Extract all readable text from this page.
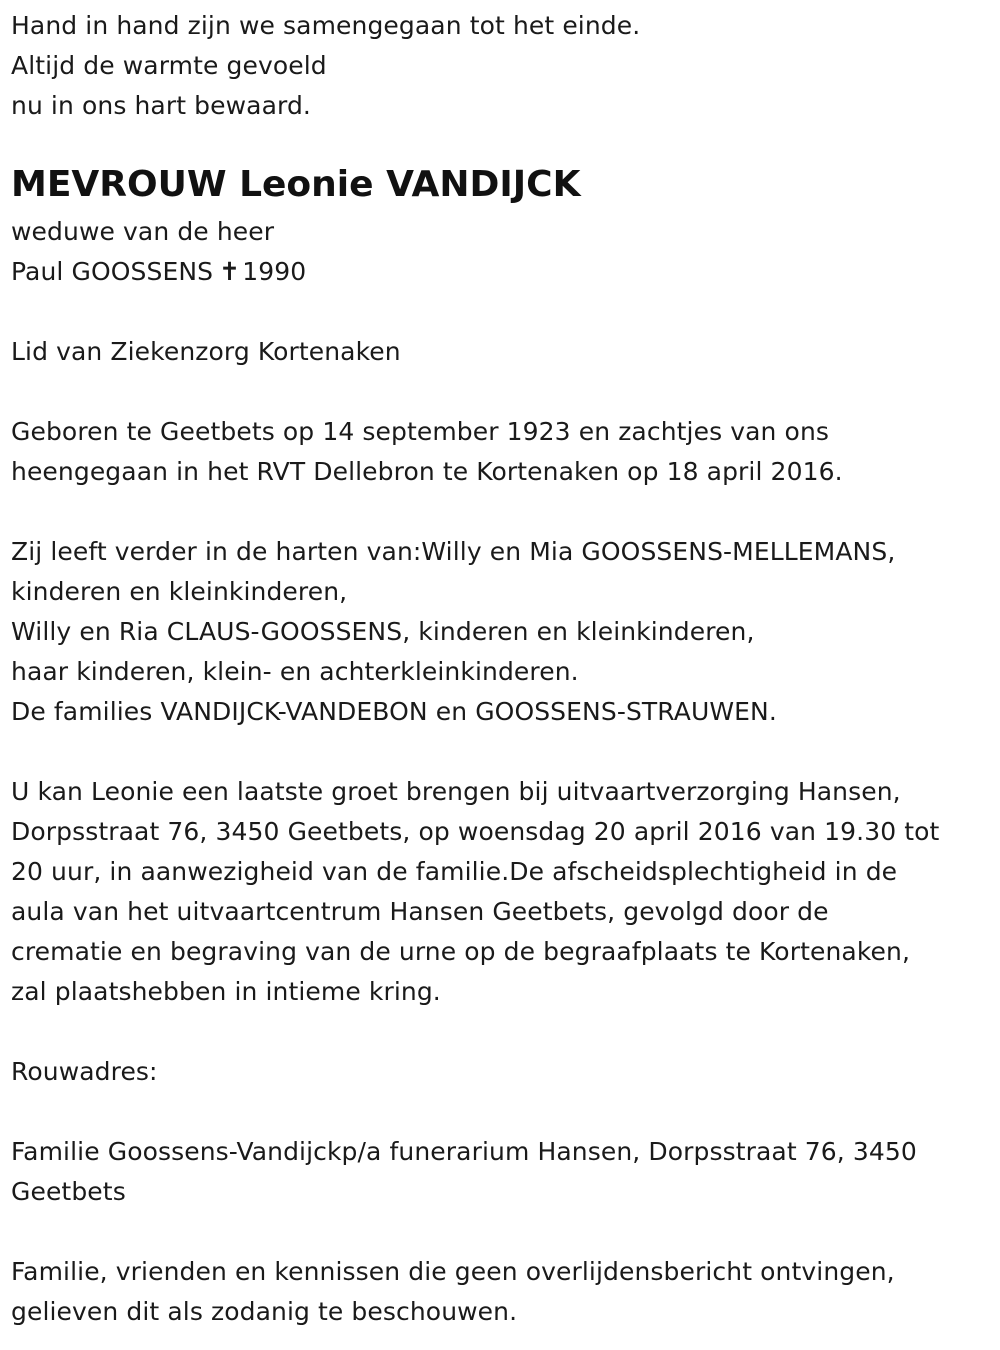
Hand in hand zijn we samengegaan tot het einde.
Altijd de warmte gevoeld
nu in ons hart bewaard.
MEVROUW Leonie VANDIJCK
weduwe van de heer
Paul GOOSSENS ✝1990
Lid van Ziekenzorg Kortenaken
Geboren te Geetbets op 14 september 1923 en zachtjes van ons
heengegaan in het RVT Dellebron te Kortenaken op 18 april 2016.
Zij leeft verder in de harten van:Willy en Mia GOOSSENS-MELLEMANS,
kinderen en kleinkinderen,
Willy en Ria CLAUS-GOOSSENS, kinderen en kleinkinderen,
haar kinderen, klein- en achterkleinkinderen.
De families VANDIJCK-VANDEBON en GOOSSENS-STRAUWEN.
U kan Leonie een laatste groet brengen bij uitvaartverzorging Hansen,
Dorpsstraat 76, 3450 Geetbets, op woensdag 20 april 2016 van 19.30 tot
20 uur, in aanwezigheid van de familie.De afscheidsplechtigheid in de
aula van het uitvaartcentrum Hansen Geetbets, gevolgd door de
crematie en begraving van de urne op de begraafplaats te Kortenaken,
zal plaatshebben in intieme kring.
Rouwadres:
Familie Goossens-Vandijckp/a funerarium Hansen, Dorpsstraat 76, 3450
Geetbets
Familie, vrienden en kennissen die geen overlijdensbericht ontvingen,
gelieven dit als zodanig te beschouwen.
